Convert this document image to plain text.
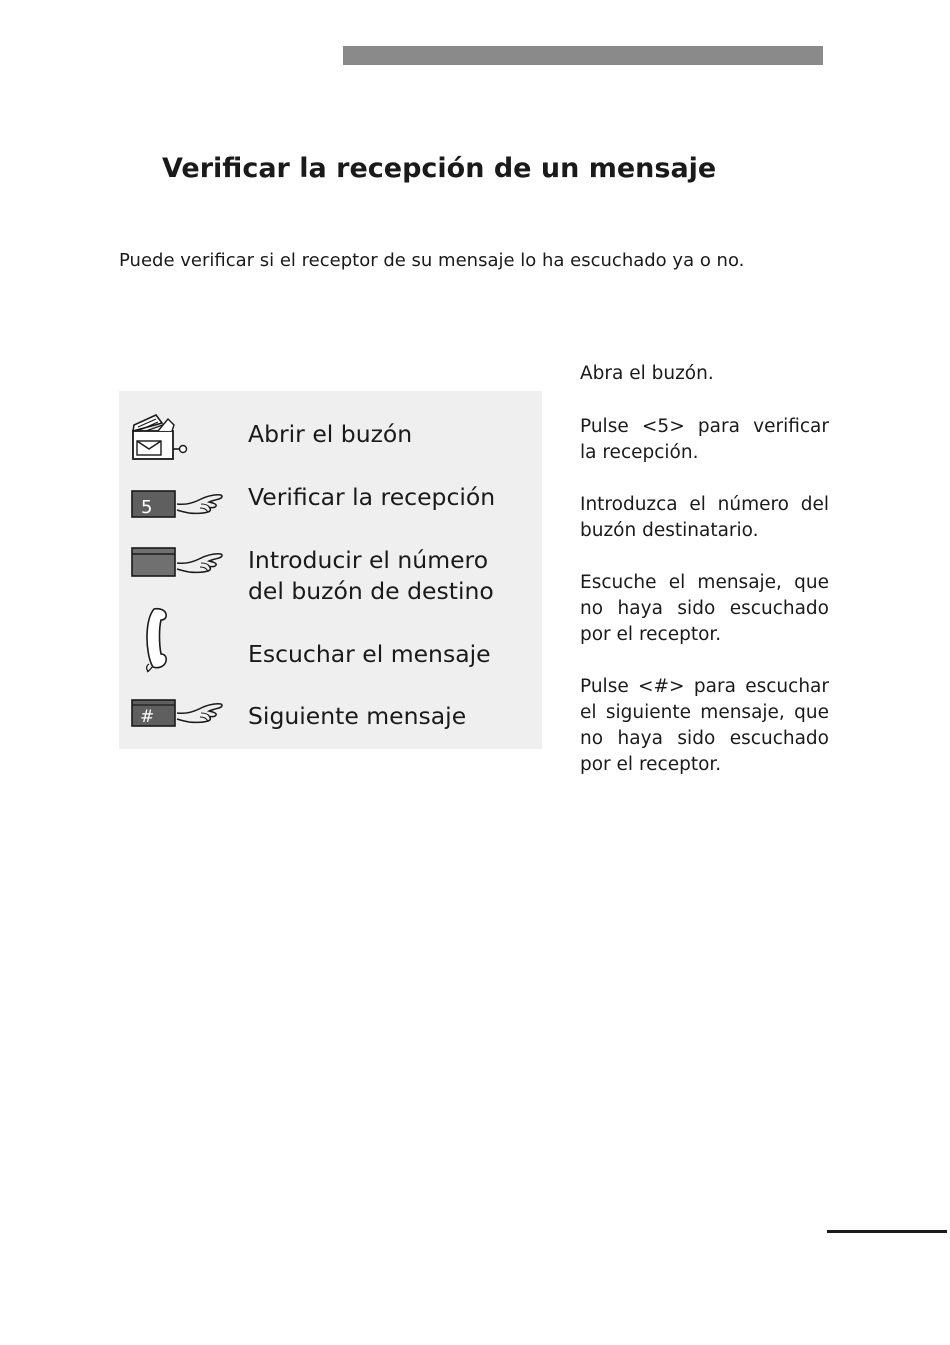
Verificar la recepción de un mensaje
Puede verificar si el receptor de su mensaje lo ha escuchado ya o no.
Abrir el buzón
5	Verificar la recepción
Introducir el número
del buzón de destino
Escuchar el mensaje
#	Siguiente mensaje

Abra el buzón.

Pulse <5> para verificar la recepción.

Introduzca el número del buzón destinatario.

Escuche el mensaje, que no haya sido escuchado por el receptor.

Pulse <#> para escuchar el siguiente mensaje, que no haya sido escuchado por el receptor.
